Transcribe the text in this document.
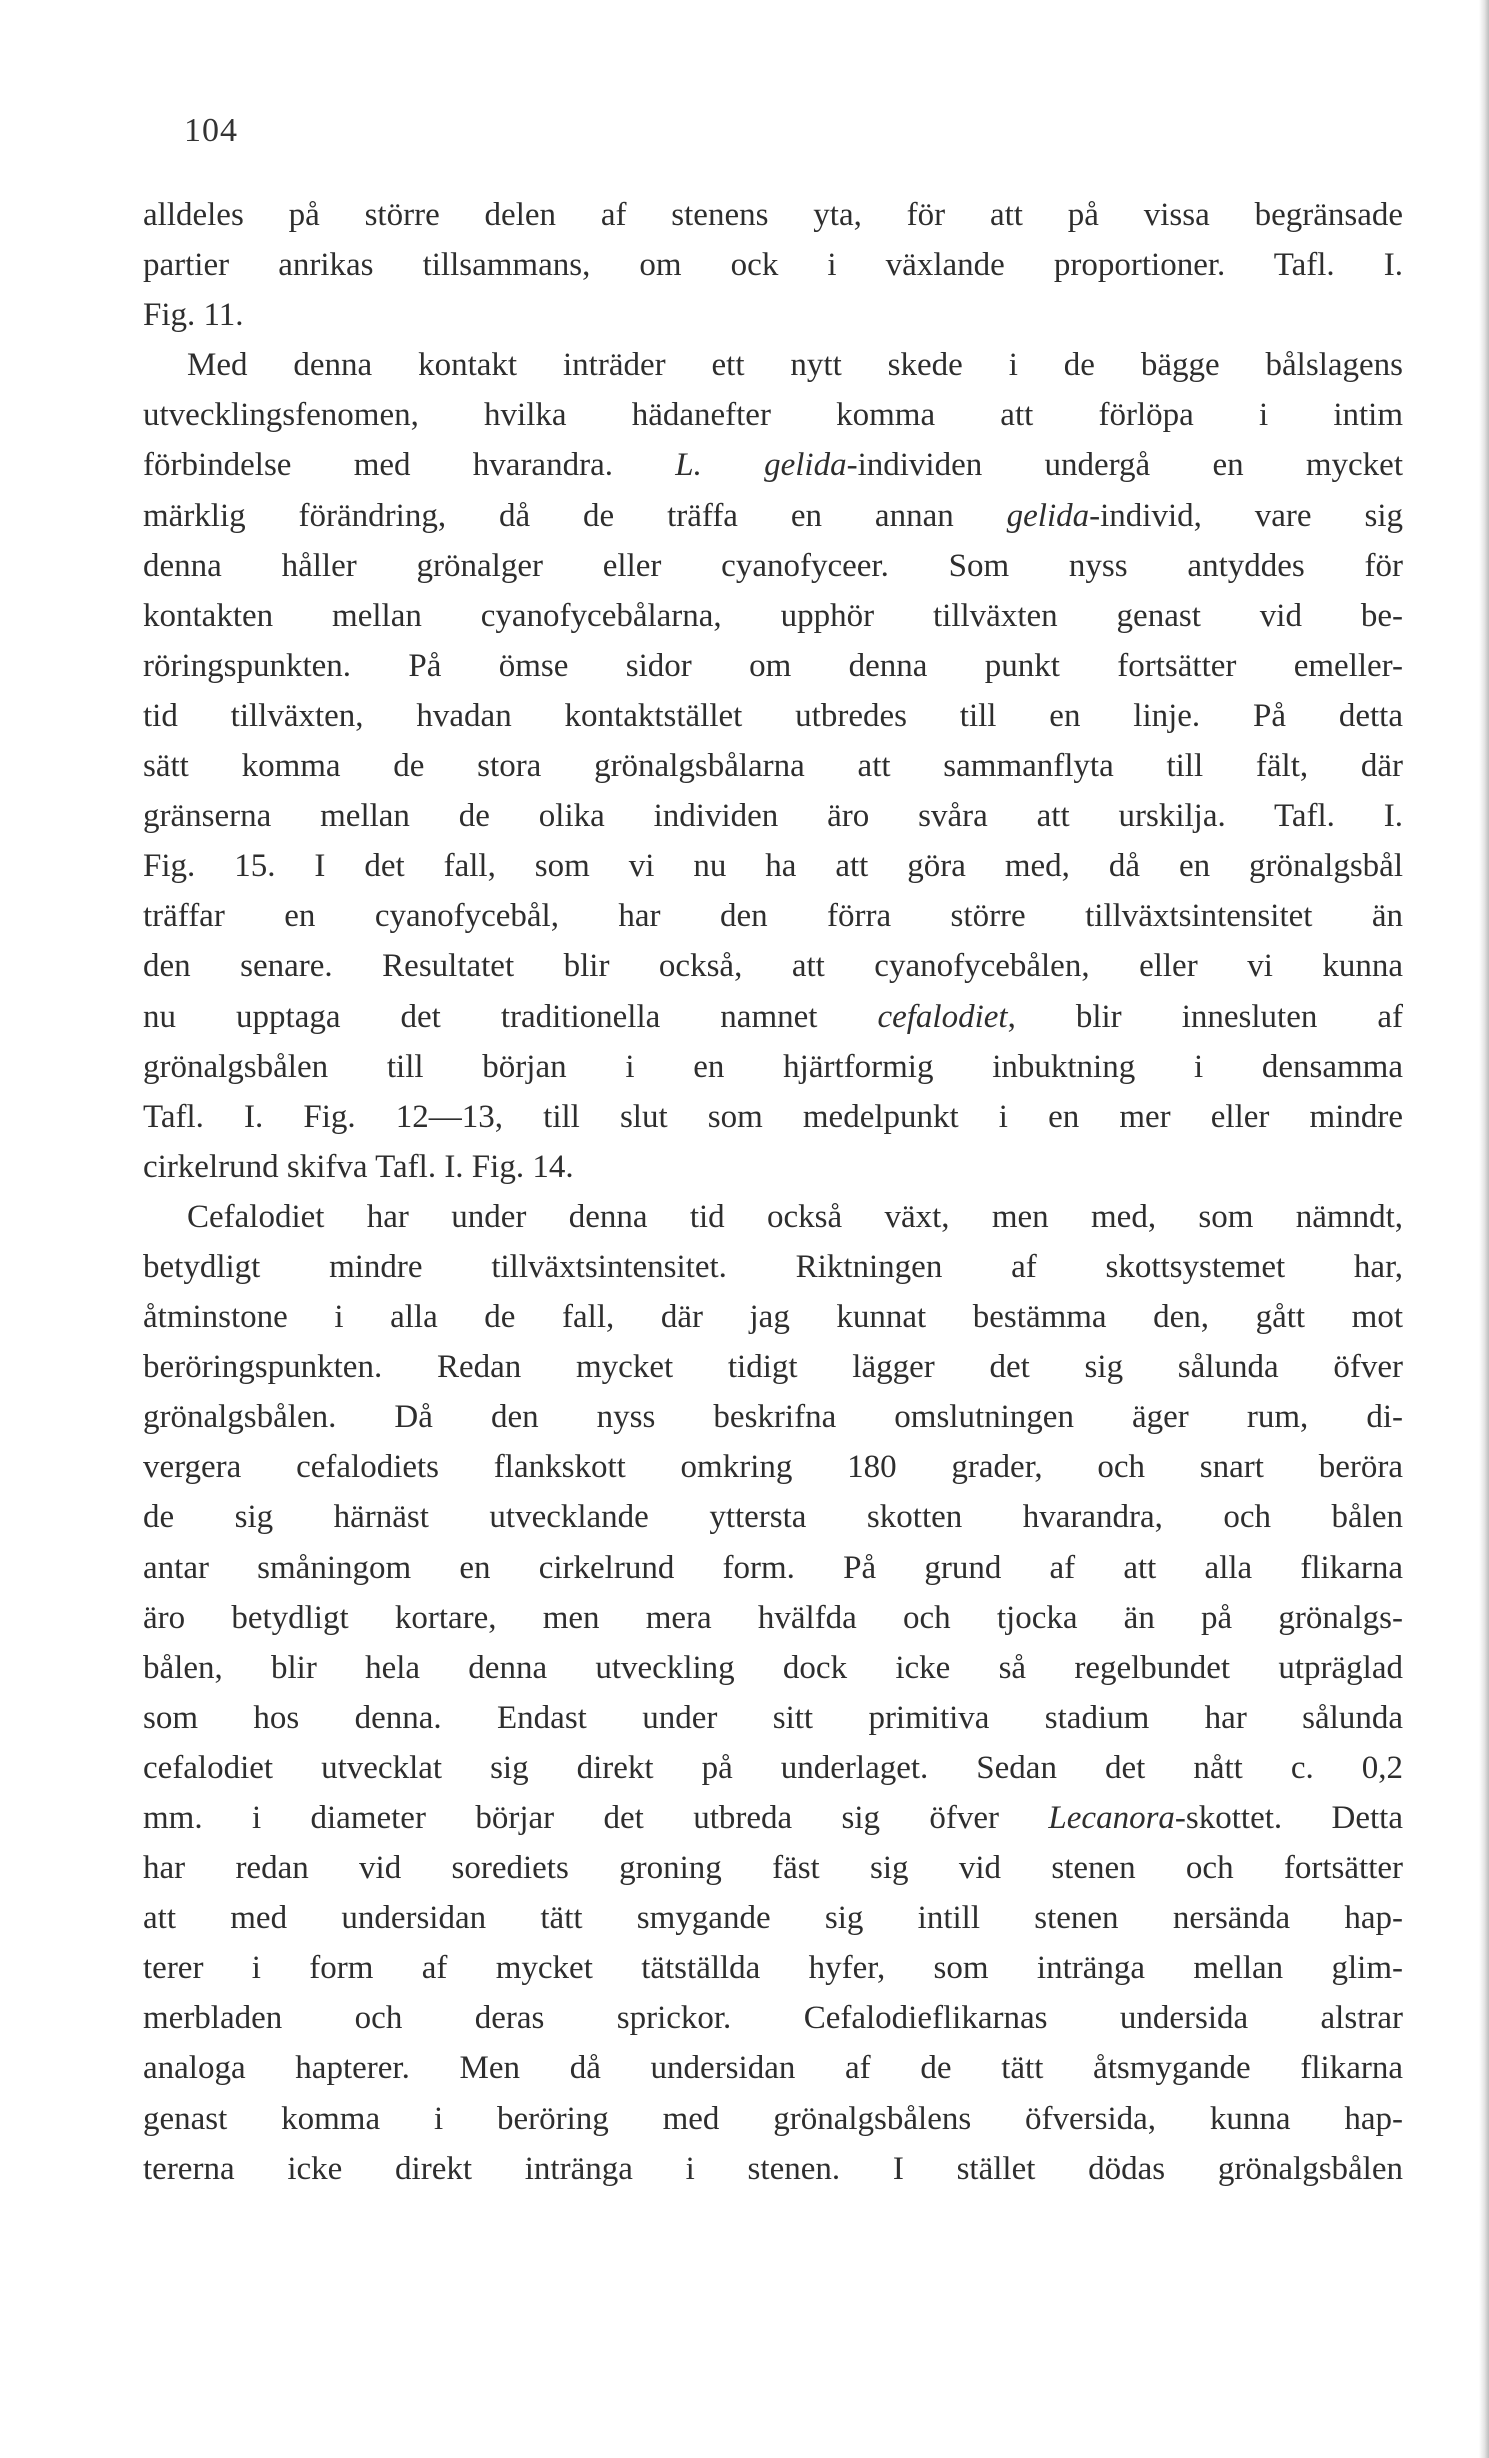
104
alldeles på större delen af stenens yta, för att på vissa begränsade
partier anrikas tillsammans, om ock i växlande proportioner. Tafl. I.
Fig. 11.
Med denna kontakt inträder ett nytt skede i de bägge bålslagens
utvecklingsfenomen, hvilka hädanefter komma att förlöpa i intim
förbindelse med hvarandra. L. gelida-individen undergå en mycket
märklig förändring, då de träffa en annan gelida-individ, vare sig
denna håller grönalger eller cyanofyceer. Som nyss antyddes för
kontakten mellan cyanofycebålarna, upphör tillväxten genast vid be-
röringspunkten. På ömse sidor om denna punkt fortsätter emeller-
tid tillväxten, hvadan kontaktstället utbredes till en linje. På detta
sätt komma de stora grönalgsbålarna att sammanflyta till fält, där
gränserna mellan de olika individen äro svåra att urskilja. Tafl. I.
Fig. 15. I det fall, som vi nu ha att göra med, då en grönalgsbål
träffar en cyanofycebål, har den förra större tillväxtsintensitet än
den senare. Resultatet blir också, att cyanofycebålen, eller vi kunna
nu upptaga det traditionella namnet cefalodiet, blir innesluten af
grönalgsbålen till början i en hjärtformig inbuktning i densamma
Tafl. I. Fig. 12—13, till slut som medelpunkt i en mer eller mindre
cirkelrund skifva Tafl. I. Fig. 14.
Cefalodiet har under denna tid också växt, men med, som nämndt,
betydligt mindre tillväxtsintensitet. Riktningen af skottsystemet har,
åtminstone i alla de fall, där jag kunnat bestämma den, gått mot
beröringspunkten. Redan mycket tidigt lägger det sig sålunda öfver
grönalgsbålen. Då den nyss beskrifna omslutningen äger rum, di-
vergera cefalodiets flankskott omkring 180 grader, och snart beröra
de sig härnäst utvecklande yttersta skotten hvarandra, och bålen
antar småningom en cirkelrund form. På grund af att alla flikarna
äro betydligt kortare, men mera hvälfda och tjocka än på grönalgs-
bålen, blir hela denna utveckling dock icke så regelbundet utpräglad
som hos denna. Endast under sitt primitiva stadium har sålunda
cefalodiet utvecklat sig direkt på underlaget. Sedan det nått c. 0,2
mm. i diameter börjar det utbreda sig öfver Lecanora-skottet. Detta
har redan vid sorediets groning fäst sig vid stenen och fortsätter
att med undersidan tätt smygande sig intill stenen nersända hap-
terer i form af mycket tätställda hyfer, som intränga mellan glim-
merbladen och deras sprickor. Cefalodieflikarnas undersida alstrar
analoga hapterer. Men då undersidan af de tätt åtsmygande flikarna
genast komma i beröring med grönalgsbålens öfversida, kunna hap-
tererna icke direkt inträngа i stenen. I stället dödas grönalgsbålen
